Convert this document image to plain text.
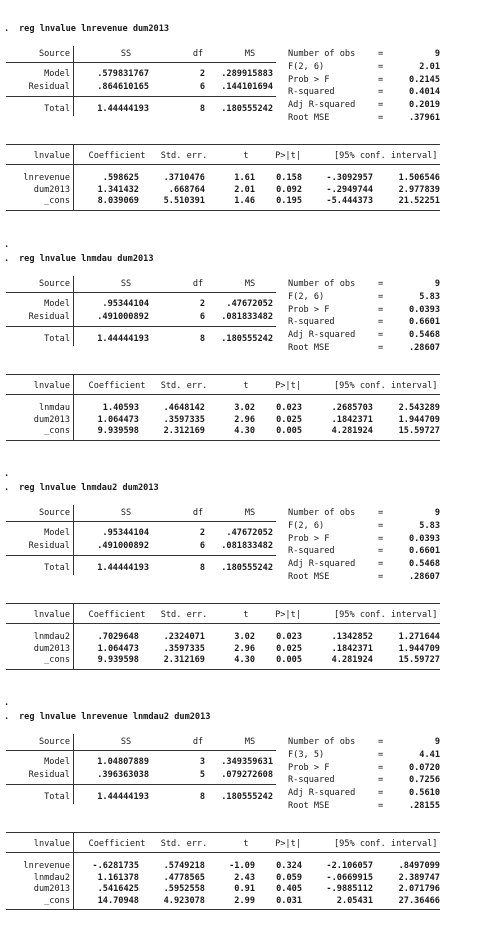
. reg lnvalue lnrevenue dum2013
Source	SS	df	MS
Model	.579831767	2 .289915883
Residual	.864610165	6 .144101694
Total	1.44444193	8 .180555242
Number of obs	=	9
F(2, 6)	=	2.01
Prob > F	=	0.2145
R-squared	=	0.4014
Adj R-squared	=	0.2019
Root MSE	=	.37961
lnvalue	Coefficient	Std. err.	t	P>|t|	[95% conf. interval]
lnrevenue	.598625	.3710476	1.61 0.158	-.3092957	1.506546
dum2013	1.341432	.668764	2.01 0.092	-.2949744	2.977839
_cons	8.039069	5.510391	1.46 0.195	-5.444373	21.52251
.
. reg lnvalue lnmdau dum2013
Source	SS	df	MS
Model	.95344104	2 .47672052
Residual	.491000892	6 .081833482
Total	1.44444193	8 .180555242
Number of obs	=	9
F(2, 6)	=	5.83
Prob > F	=	0.0393
R-squared	=	0.6601
Adj R-squared	=	0.5468
Root MSE	=	.28607
lnvalue	Coefficient	Std. err.	t	P>|t|	[95% conf. interval]
lnmdau	1.40593	.4648142	3.02 0.023	.2685703	2.543289
dum2013	1.064473	.3597335	2.96 0.025	.1842371	1.944709
_cons	9.939598	2.312169	4.30 0.005	4.281924	15.59727
.
. reg lnvalue lnmdau2 dum2013
Source	SS	df	MS
Model	.95344104	2 .47672052
Residual	.491000892	6 .081833482
Total	1.44444193	8 .180555242
Number of obs	=	9
F(2, 6)	=	5.83
Prob > F	=	0.0393
R-squared	=	0.6601
Adj R-squared	=	0.5468
Root MSE	=	.28607
lnvalue	Coefficient	Std. err.	t	P>|t|	[95% conf. interval]
lnmdau2	.7029648	.2324071	3.02 0.023	.1342852	1.271644
dum2013	1.064473	.3597335	2.96 0.025	.1842371	1.944709
_cons	9.939598	2.312169	4.30 0.005	4.281924	15.59727
.
. reg lnvalue lnrevenue lnmdau2 dum2013
Source	SS	df	MS
Model	1.04807889	3 .349359631
Residual	.396363038	5 .079272608
Total	1.44444193	8 .180555242
Number of obs	=	9
F(3, 5)	=	4.41
Prob > F	=	0.0720
R-squared	=	0.7256
Adj R-squared	=	0.5610
Root MSE	=	.28155
lnvalue	Coefficient	Std. err.	t	P>|t|	[95% conf. interval]
lnrevenue	-.6281735	.5749218	-1.09 0.324	-2.106057	.8497099
lnmdau2	1.161378	.4778565	2.43 0.059	-.0669915	2.389747
dum2013	.5416425	.5952558	0.91 0.405	-.9885112	2.071796
_cons	14.70948	4.923078	2.99 0.031	2.05431	27.36466
